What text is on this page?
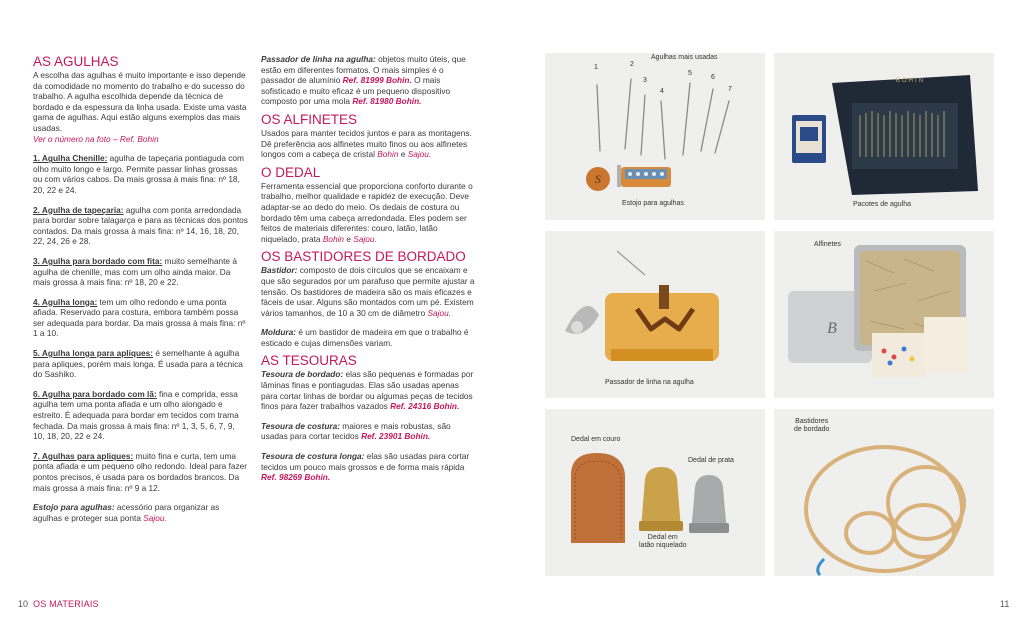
AS AGULHAS

A escolha das agulhas é muito importante e isso depende da comodidade no momento do trabalho e do sucesso do trabalho. A agulha escolhida depende da técnica de bordado e da espessura da linha usada. Existe uma vasta gama de agulhas. Aqui estão alguns exemplos das mais usadas.

Ver o número na foto – Ref. Bohin

1. Agulha Chenille: agulha de tapeçaria pontiaguda com olho muito longo e largo. Permite passar linhas grossas ou com vários cabos. Da mais grossa à mais fina: nº 18, 20, 22 e 24.

2. Agulha de tapeçaria: agulha com ponta arredondada para bordar sobre talagarça e para as técnicas dos pontos contados. Da mais grossa à mais fina: nº 14, 16, 18, 20, 22, 24, 26 e 28.

3. Agulha para bordado com fita: muito semelhante à agulha de chenille, mas com um olho ainda maior. Da mais grossa à mais fina: nº 18, 20 e 22.

4. Agulha longa: tem um olho redondo e uma ponta afiada. Reservado para costura, embora também possa ser adequada para bordar. Da mais grossa à mais fina: nº 1 a 10.

5. Agulha longa para apliques: é semelhante à agulha para apliques, porém mais longa. É usada para a técnica do Sashiko.

6. Agulha para bordado com lã: fina e comprida, essa agulha tem uma ponta afiada e um olho alongado e estreito. É adequada para bordar em tecidos com trama fechada. Da mais grossa à mais fina: nº 1, 3, 5, 6, 7, 9, 10, 18, 20, 22 e 24.

7. Agulhas para apliques: muito fina e curta, tem uma ponta afiada e um pequeno olho redondo. Ideal para fazer pontos precisos, é usada para os bordados brancos. Da mais grossa à mais fina: nº 9 a 12.

Estojo para agulhas: acessório para organizar as agulhas e proteger sua ponta Sajou.

Passador de linha na agulha: objetos muito úteis, que estão em diferentes formatos. O mais simples é o passador de alumínio Ref. 81999 Bohin. O mais sofisticado e muito eficaz é um pequeno dispositivo composto por uma mola Ref. 81980 Bohin.

OS ALFINETES

Usados para manter tecidos juntos e para as montagens. Dê preferência aos alfinetes muito finos ou aos alfinetes longos com a cabeça de cristal Bohin e Sajou.

O DEDAL

Ferramenta essencial que proporciona conforto durante o trabalho, melhor qualidade e rapidez de execução. Deve adaptar-se ao dedo do meio. Os dedais de costura ou bordado têm uma cabeça arredondada. Eles podem ser feitos de materiais diferentes: couro, latão, latão niquelado, prata Bohin e Sajou.

OS BASTIDORES DE BORDADO

Bastidor: composto de dois círculos que se encaixam e que são segurados por um parafuso que permite ajustar a tensão. Os bastidores de madeira são os mais eficazes e fáceis de usar. Alguns são montados com um pé. Existem vários tamanhos, de 10 a 30 cm de diâmetro Sajou.

Moldura: é um bastidor de madeira em que o trabalho é esticado e cujas dimensões variam.

AS TESOURAS

Tesoura de bordado: elas são pequenas e formadas por lâminas finas e pontiagudas. Elas são usadas apenas para cortar linhas de bordar ou algumas peças de tecidos finos para fazer trabalhos vazados Ref. 24316 Bohin.

Tesoura de costura: maiores e mais robustas, são usadas para cortar tecidos Ref. 23901 Bohin.

Tesoura de costura longa: elas são usadas para cortar tecidos um pouco mais grossos e de forma mais rápida Ref. 98269 Bohin.

S
Agulhas mais usadas
1	2
3
4
5
6
7
Estojo para agulhas
BOHIN
Pacotes de agulha
Passador de linha na agulha
B
Alfinetes
Dedal em couro
Dedal de prata
Dedal em
latão niquelado
Bastidores
de bordado
10 OS MATERIAIS	11
